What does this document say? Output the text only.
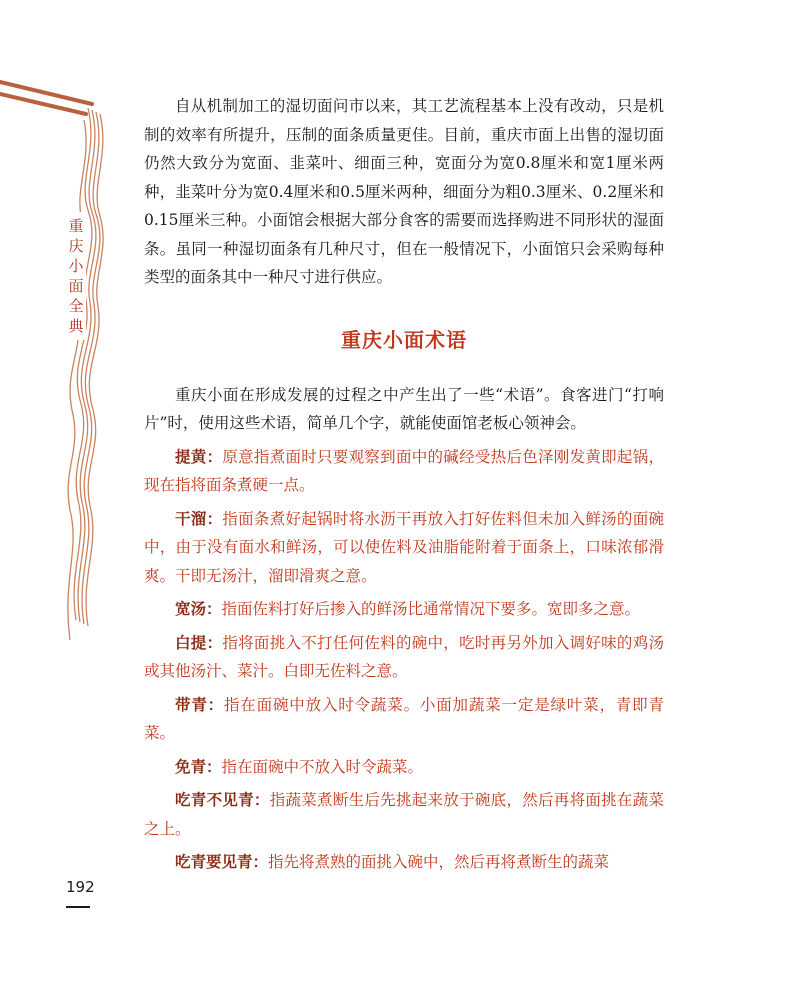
重庆小面全典

自从机制加工的湿切面问市以来，其工艺流程基本上没有改动，只是机制的效率有所提升，压制的面条质量更佳。目前，重庆市面上出售的湿切面仍然大致分为宽面、韭菜叶、细面三种，宽面分为宽0.8厘米和宽1厘米两种，韭菜叶分为宽0.4厘米和0.5厘米两种，细面分为粗0.3厘米、0.2厘米和0.15厘米三种。小面馆会根据大部分食客的需要而选择购进不同形状的湿面条。虽同一种湿切面条有几种尺寸，但在一般情况下，小面馆只会采购每种类型的面条其中一种尺寸进行供应。

重庆小面术语

重庆小面在形成发展的过程之中产生出了一些“术语”。食客进门“打响片”时，使用这些术语，简单几个字，就能使面馆老板心领神会。

提黄：原意指煮面时只要观察到面中的碱经受热后色泽刚发黄即起锅，现在指将面条煮硬一点。

干溜：指面条煮好起锅时将水沥干再放入打好佐料但未加入鲜汤的面碗中，由于没有面水和鲜汤，可以使佐料及油脂能附着于面条上，口味浓郁滑爽。干即无汤汁，溜即滑爽之意。

宽汤：指面佐料打好后掺入的鲜汤比通常情况下要多。宽即多之意。

白提：指将面挑入不打任何佐料的碗中，吃时再另外加入调好味的鸡汤或其他汤汁、菜汁。白即无佐料之意。

带青：指在面碗中放入时令蔬菜。小面加蔬菜一定是绿叶菜，青即青菜。

免青：指在面碗中不放入时令蔬菜。

吃青不见青：指蔬菜煮断生后先挑起来放于碗底，然后再将面挑在蔬菜之上。

吃青要见青：指先将煮熟的面挑入碗中，然后再将煮断生的蔬菜

192
